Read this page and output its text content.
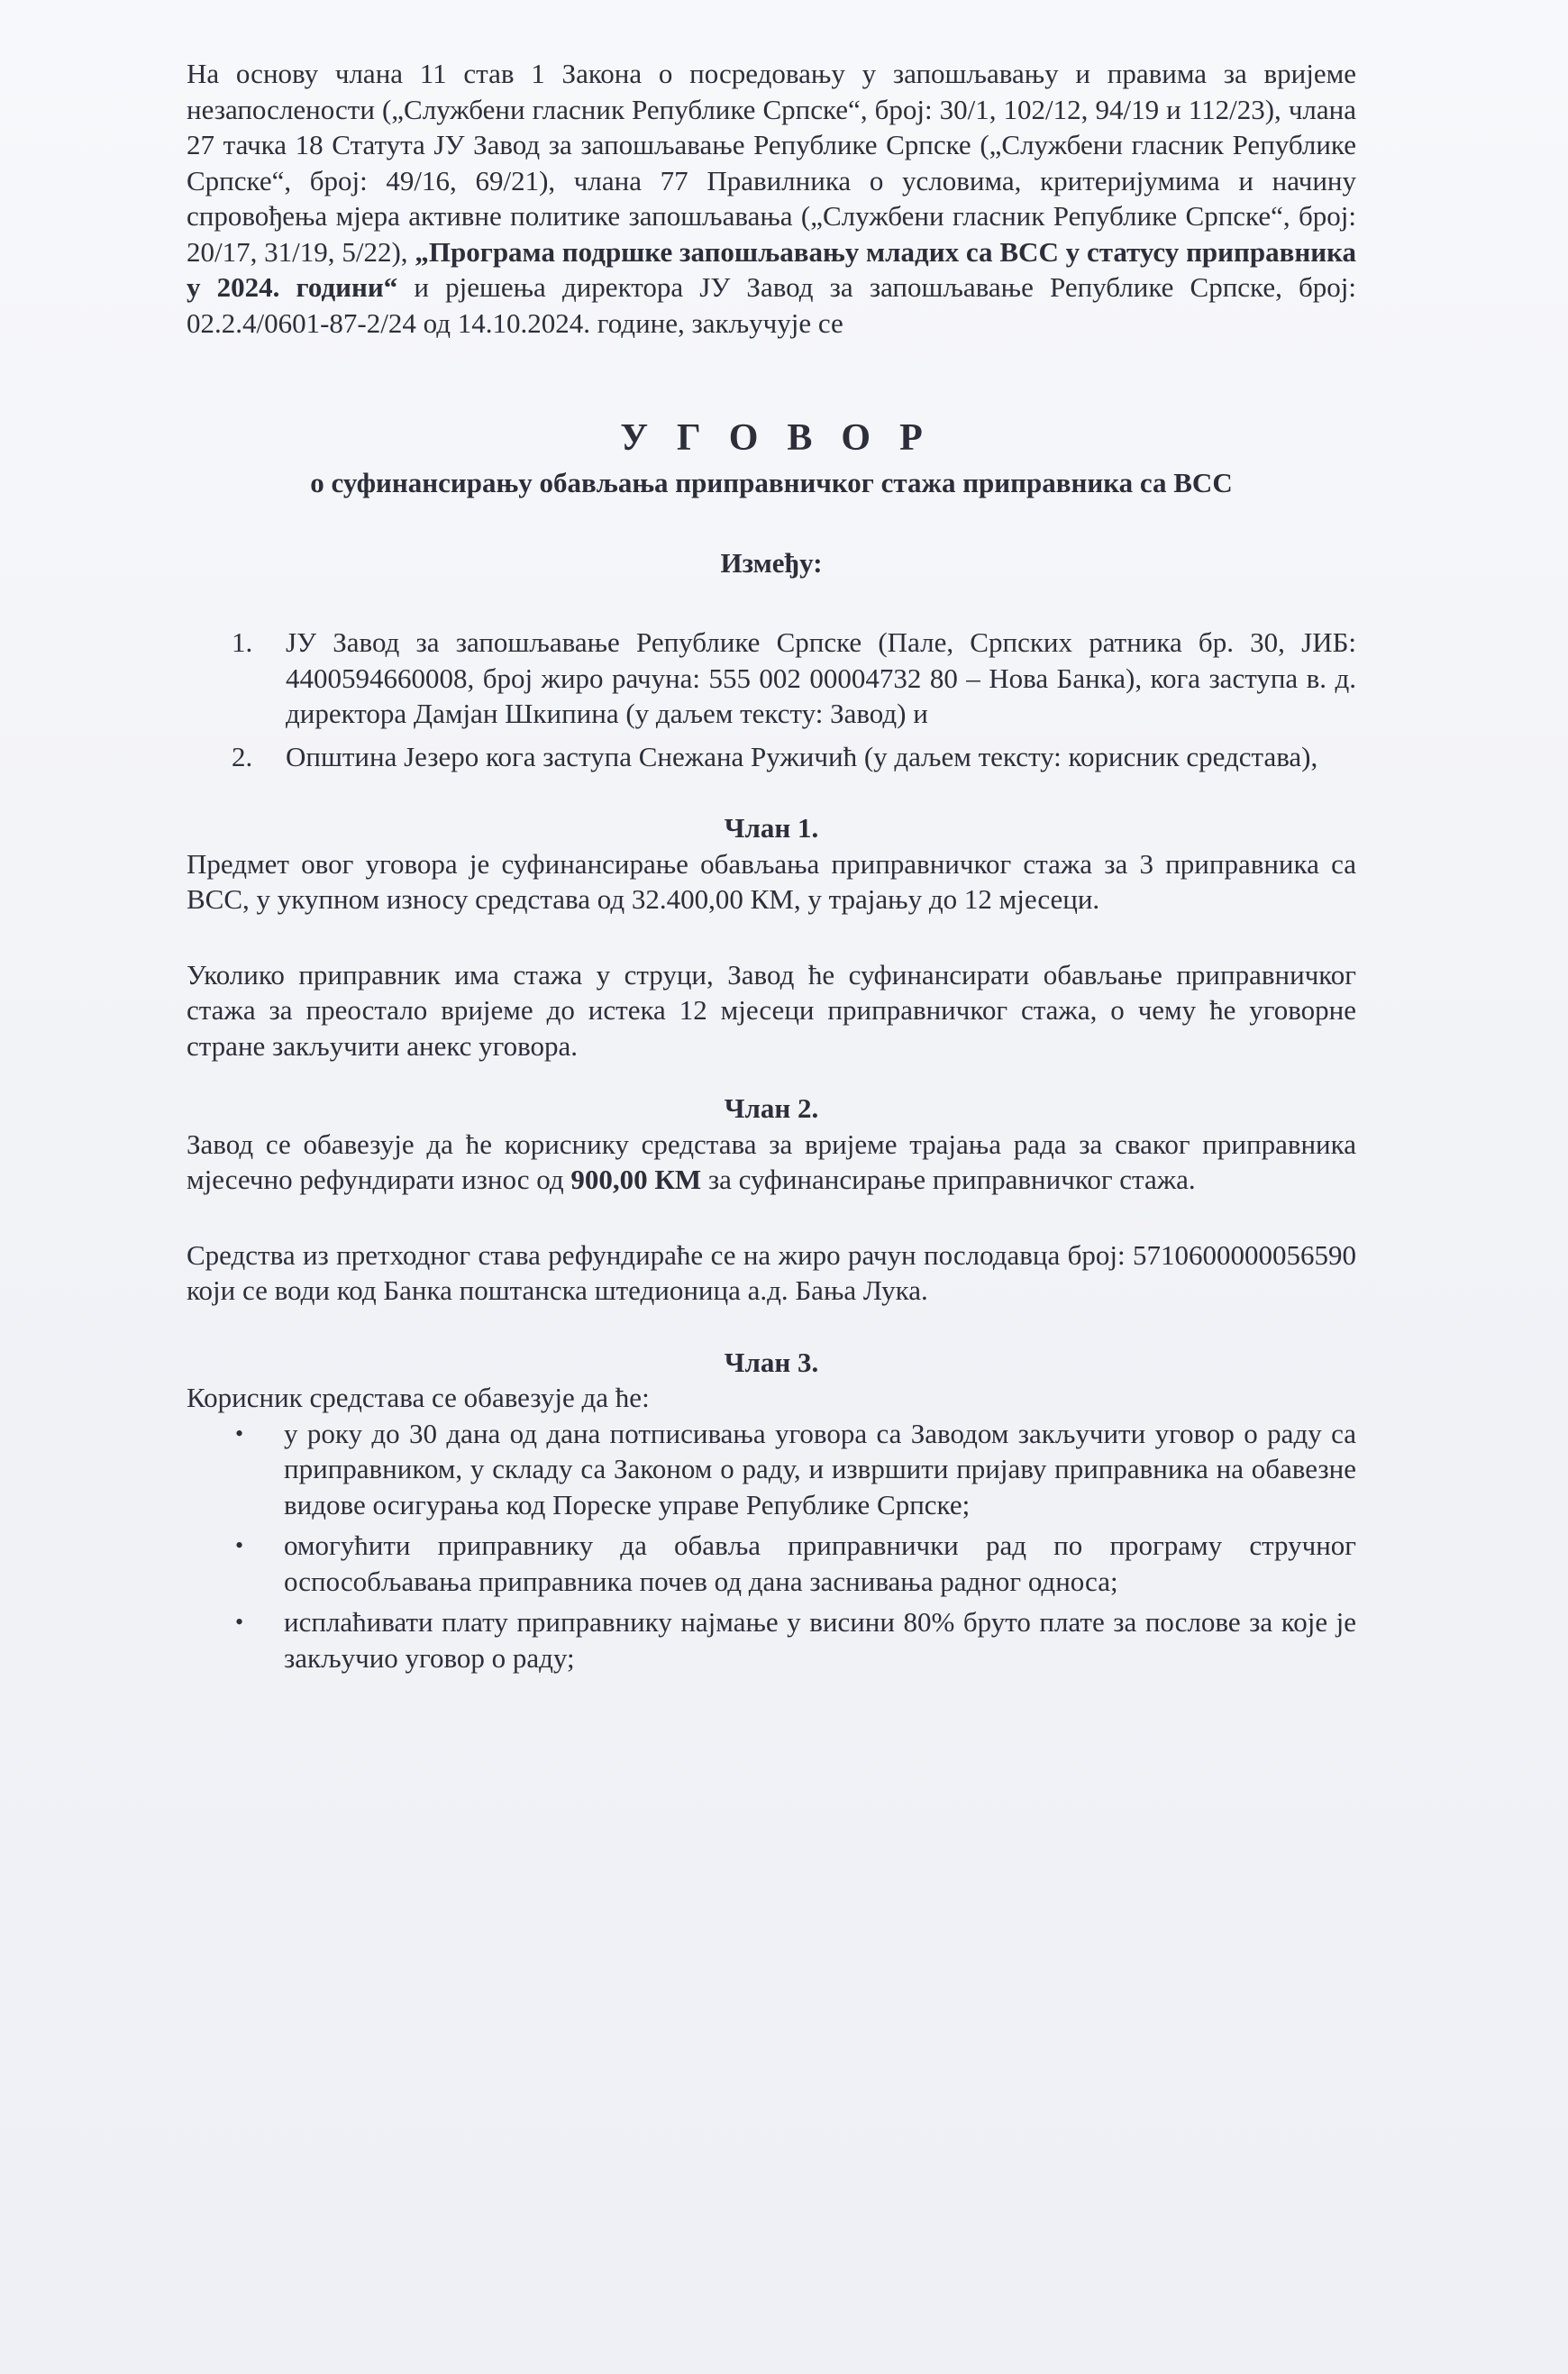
На основу члана 11 став 1 Закона о посредовању у запошљавању и правима за вријеме незапослености („Службени гласник Републике Српске“, број: 30/1, 102/12, 94/19 и 112/23), члана 27 тачка 18 Статута ЈУ Завод за запошљавање Републике Српске („Службени гласник Републике Српске“, број: 49/16, 69/21), члана 77 Правилника о условима, критеријумима и начину спровођења мјера активне политике запошљавања („Службени гласник Републике Српске“, број: 20/17, 31/19, 5/22), „Програма подршке запошљавању младих са ВСС у статусу приправника у 2024. години“ и рјешења директора ЈУ Завод за запошљавање Републике Српске, број: 02.2.4/0601-87-2/24 од 14.10.2024. године, закључује се

УГОВОР
о суфинансирању обављања приправничког стажа приправника са ВСС
Између:
1. ЈУ Завод за запошљавање Републике Српске (Пале, Српских ратника бр. 30, ЈИБ: 4400594660008, број жиро рачуна: 555 002 00004732 80 – Нова Банка), кога заступа в. д. директора Дамјан Шкипина (у даљем тексту: Завод) и
2. Општина Језеро кога заступа Снежана Ружичић (у даљем тексту: корисник средстава),
Члан 1.

Предмет овог уговора је суфинансирање обављања приправничког стажа за 3 приправника са ВСС, у укупном износу средстава од 32.400,00 КМ, у трајању до 12 мјесеци.

Уколико приправник има стажа у струци, Завод ће суфинансирати обављање приправничког стажа за преостало вријеме до истека 12 мјесеци приправничког стажа, о чему ће уговорне стране закључити анекс уговора.

Члан 2.

Завод се обавезује да ће кориснику средстава за вријеме трајања рада за сваког приправника мјесечно рефундирати износ од 900,00 КМ за суфинансирање приправничког стажа.

Средства из претходног става рефундираће се на жиро рачун послодавца број: 5710600000056590 који се води код Банка поштанска штедионица а.д. Бања Лука.

Члан 3.

Корисник средстава се обавезује да ће:

• у року до 30 дана од дана потписивања уговора са Заводом закључити уговор о раду са приправником, у складу са Законом о раду, и извршити пријаву приправника на обавезне видове осигурања код Пореске управе Републике Српске;
• омогућити приправнику да обавља приправнички рад по програму стручног оспособљавања приправника почев од дана заснивања радног односа;
• исплаћивати плату приправнику најмање у висини 80% бруто плате за послове за које је закључио уговор о раду;
